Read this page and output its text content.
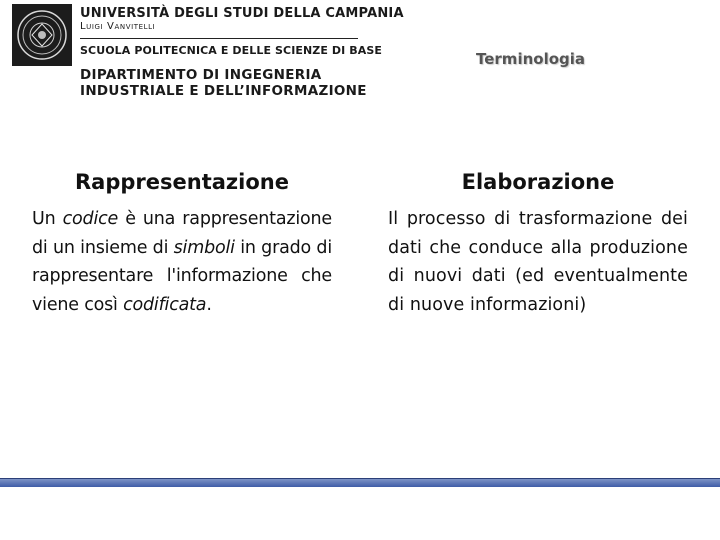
UNIVERSITÀ DEGLI STUDI DELLA CAMPANIA
Luigi Vanvitelli
SCUOLA POLITECNICA E DELLE SCIENZE DI BASE
DIPARTIMENTO DI INGEGNERIA
INDUSTRIALE E DELL’INFORMAZIONE
Terminologia
Rappresentazione

Un codice è una rappresentazione di un insieme di simboli in grado di rappresentare l'informazione che viene così codificata.

Elaborazione

Il processo di trasformazione dei dati che conduce alla produzione di nuovi dati (ed eventualmente di nuove informazioni)
